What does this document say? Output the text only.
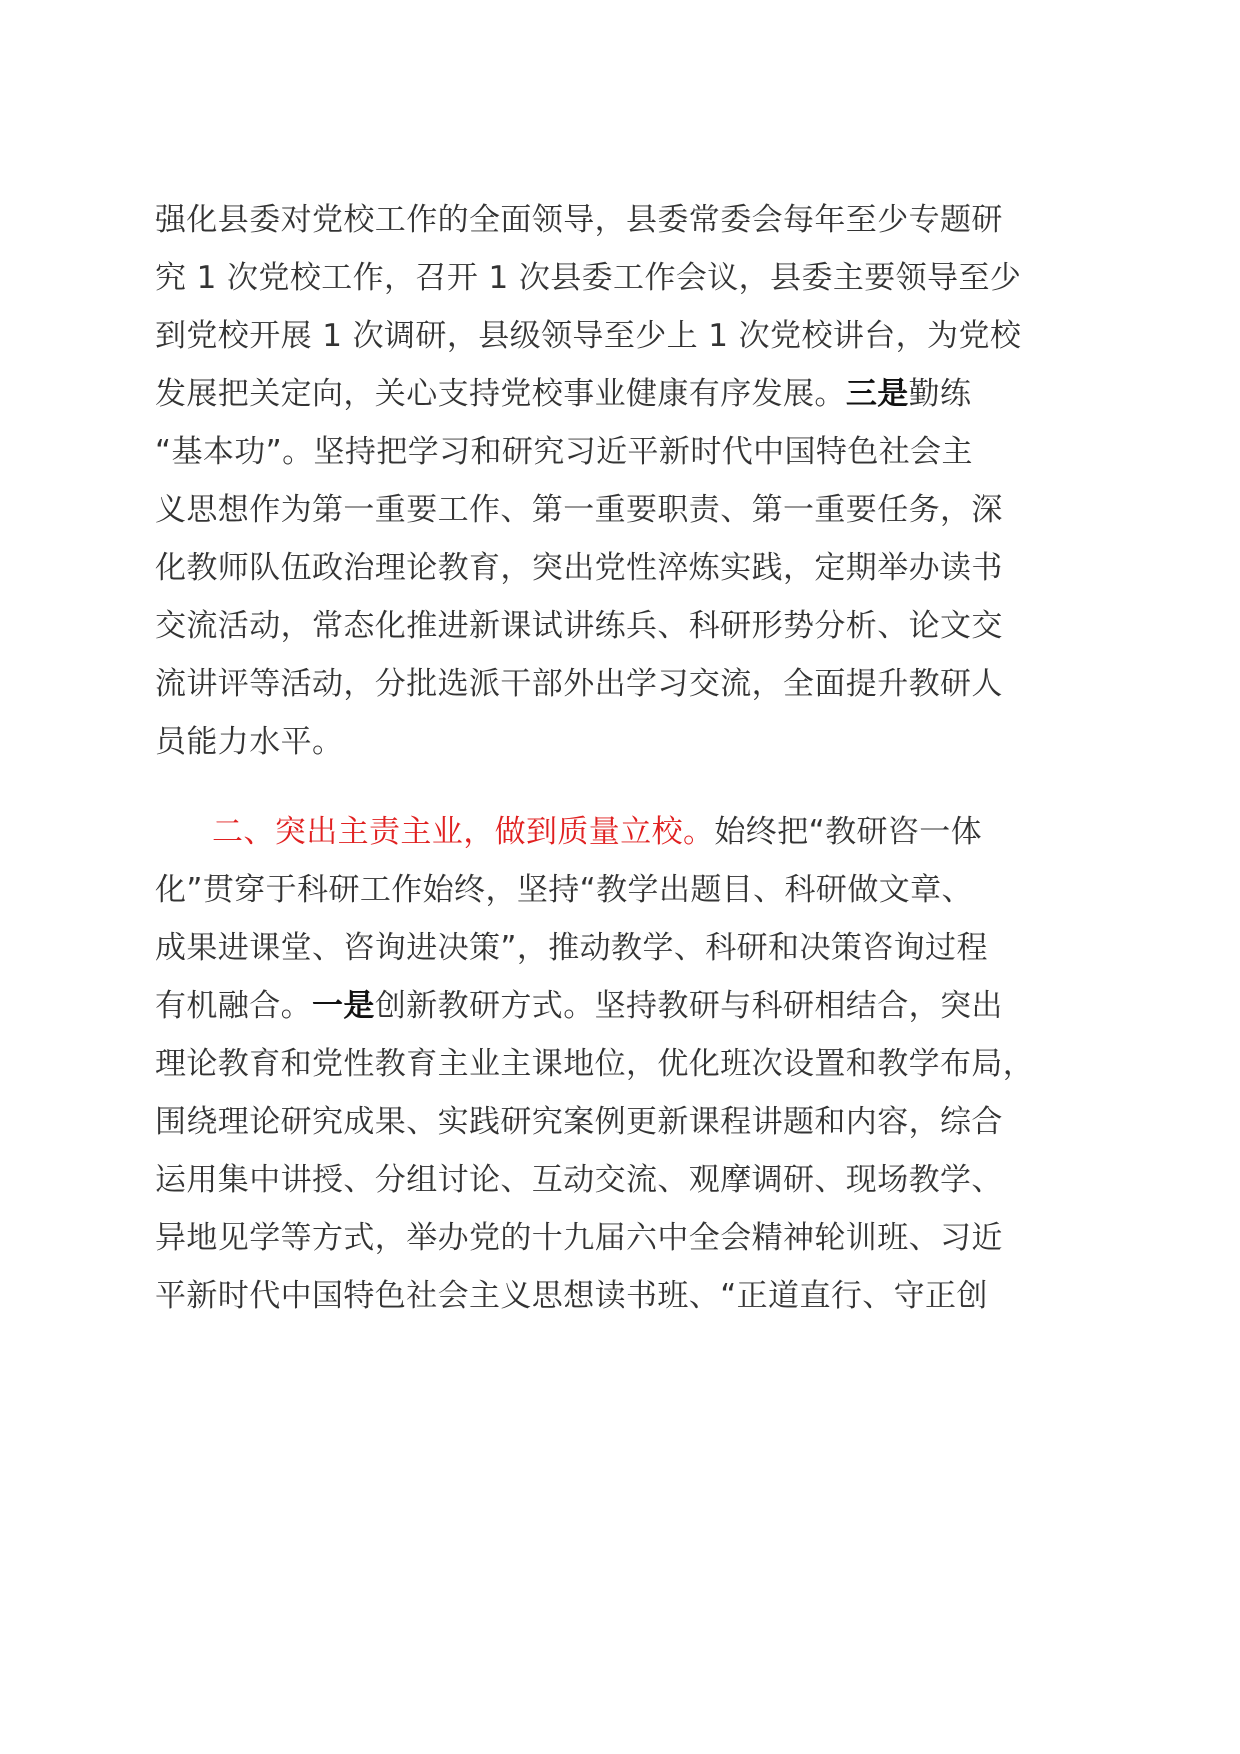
强化县委对党校工作的全面领导，县委常委会每年至少专题研
究 1 次党校工作，召开 1 次县委工作会议，县委主要领导至少
到党校开展 1 次调研，县级领导至少上 1 次党校讲台，为党校
发展把关定向，关心支持党校事业健康有序发展。三是勤练
“基本功”。坚持把学习和研究习近平新时代中国特色社会主
义思想作为第一重要工作、第一重要职责、第一重要任务，深
化教师队伍政治理论教育，突出党性淬炼实践，定期举办读书
交流活动，常态化推进新课试讲练兵、科研形势分析、论文交
流讲评等活动，分批选派干部外出学习交流，全面提升教研人
员能力水平。
二、突出主责主业，做到质量立校。始终把“教研咨一体
化”贯穿于科研工作始终，坚持“教学出题目、科研做文章、
成果进课堂、咨询进决策”，推动教学、科研和决策咨询过程
有机融合。一是创新教研方式。坚持教研与科研相结合，突出
理论教育和党性教育主业主课地位，优化班次设置和教学布局，
围绕理论研究成果、实践研究案例更新课程讲题和内容，综合
运用集中讲授、分组讨论、互动交流、观摩调研、现场教学、
异地见学等方式，举办党的十九届六中全会精神轮训班、习近
平新时代中国特色社会主义思想读书班、“正道直行、守正创
